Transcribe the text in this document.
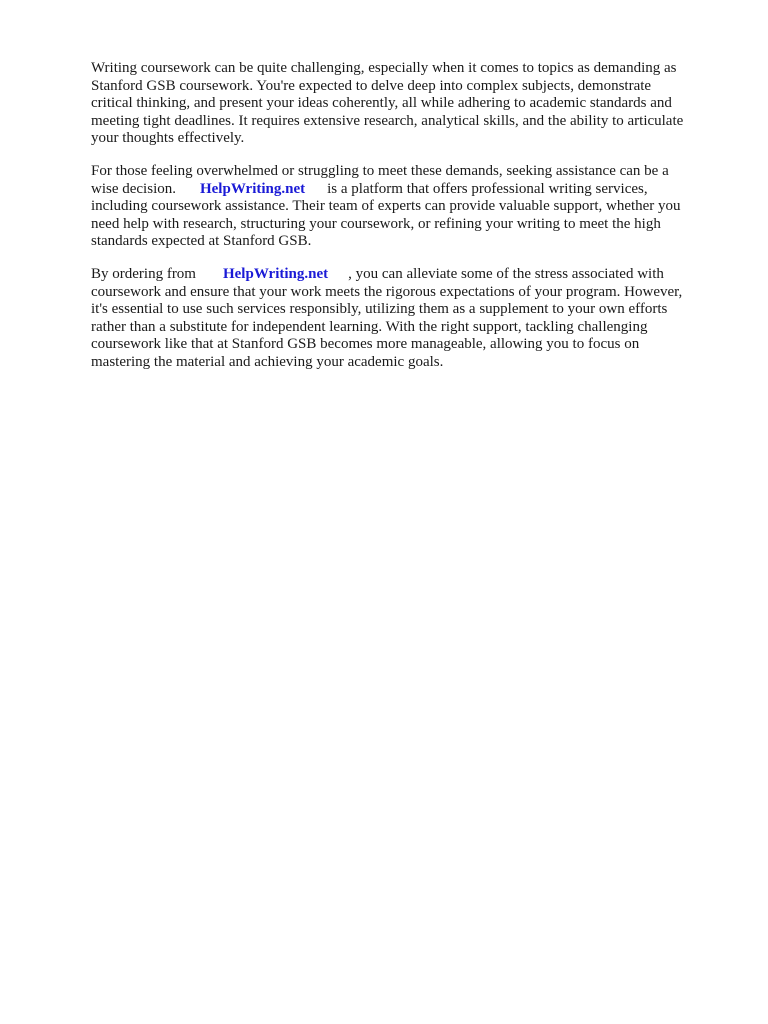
Writing coursework can be quite challenging, especially when it comes to topics as demanding as
Stanford GSB coursework. You're expected to delve deep into complex subjects, demonstrate
critical thinking, and present your ideas coherently, all while adhering to academic standards and
meeting tight deadlines. It requires extensive research, analytical skills, and the ability to articulate
your thoughts effectively.

For those feeling overwhelmed or struggling to meet these demands, seeking assistance can be a
wise decision. HelpWriting.net is a platform that offers professional writing services,
including coursework assistance. Their team of experts can provide valuable support, whether you
need help with research, structuring your coursework, or refining your writing to meet the high
standards expected at Stanford GSB.

By ordering from HelpWriting.net , you can alleviate some of the stress associated with
coursework and ensure that your work meets the rigorous expectations of your program. However,
it's essential to use such services responsibly, utilizing them as a supplement to your own efforts
rather than a substitute for independent learning. With the right support, tackling challenging
coursework like that at Stanford GSB becomes more manageable, allowing you to focus on
mastering the material and achieving your academic goals.
